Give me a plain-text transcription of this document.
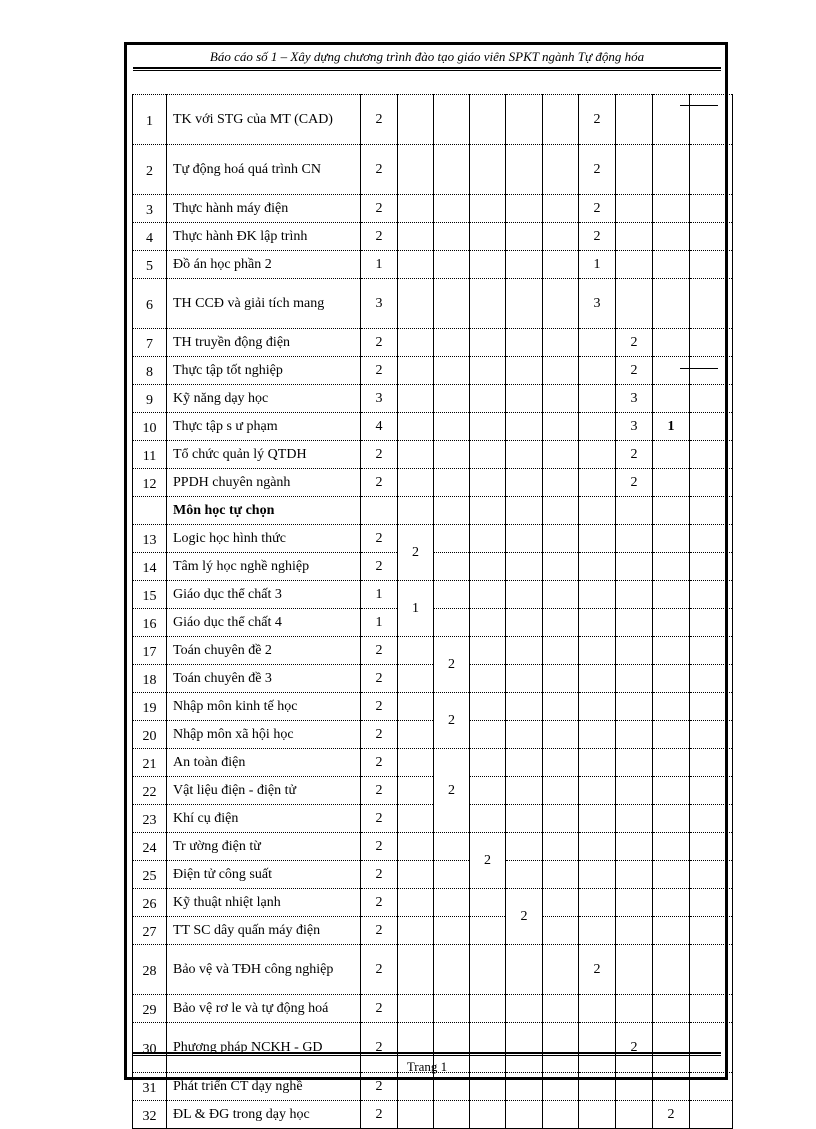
Báo cáo số 1 – Xây dựng chương trình đào tạo giáo viên SPKT ngành Tự động hóa
1	TK với STG của MT (CAD)	2						2			
2	Tự động hoá quá trình CN	2						2			
3	Thực hành máy điện	2						2			
4	Thực hành ĐK lập trình	2						2			
5	Đồ án học phần 2	1						1			
6	TH CCĐ và giải tích mang	3						3			
7	TH truyền động điện	2							2		
8	Thực tập tốt nghiệp	2							2		
9	Kỹ năng dạy học	3							3		
10	Thực tập s ư phạm	4							3	1	
11	Tổ chức quản lý QTDH	2							2		
12	PPDH chuyên ngành	2							2		
	Môn học tự chọn										
13	Logic học hình thức	2	2								
14	Tâm lý học nghề nghiệp	2									
15	Giáo dục thể chất 3	1	1								
16	Giáo dục thể chất 4	1									
17	Toán chuyên đề 2	2		2							
18	Toán chuyên đề 3	2									
19	Nhập môn kinh tế học	2		2							
20	Nhập môn xã hội học	2									
21	An toàn điện	2		2							
22	Vật liệu điện - điện tử	2									
23	Khí cụ điện	2									
24	Tr ường điện từ	2			2						
25	Điện tử công suất	2									
26	Kỹ thuật nhiệt lạnh	2				2					
27	TT SC dây quấn máy điện	2									
28	Bảo vệ và TĐH công nghiệp	2						2			
29	Bảo vệ rơ le và tự động hoá	2									
30	Phương pháp NCKH - GD	2							2		
31	Phát triển CT dạy nghề	2									
32	ĐL & ĐG trong dạy học	2								2	
Trang 1
